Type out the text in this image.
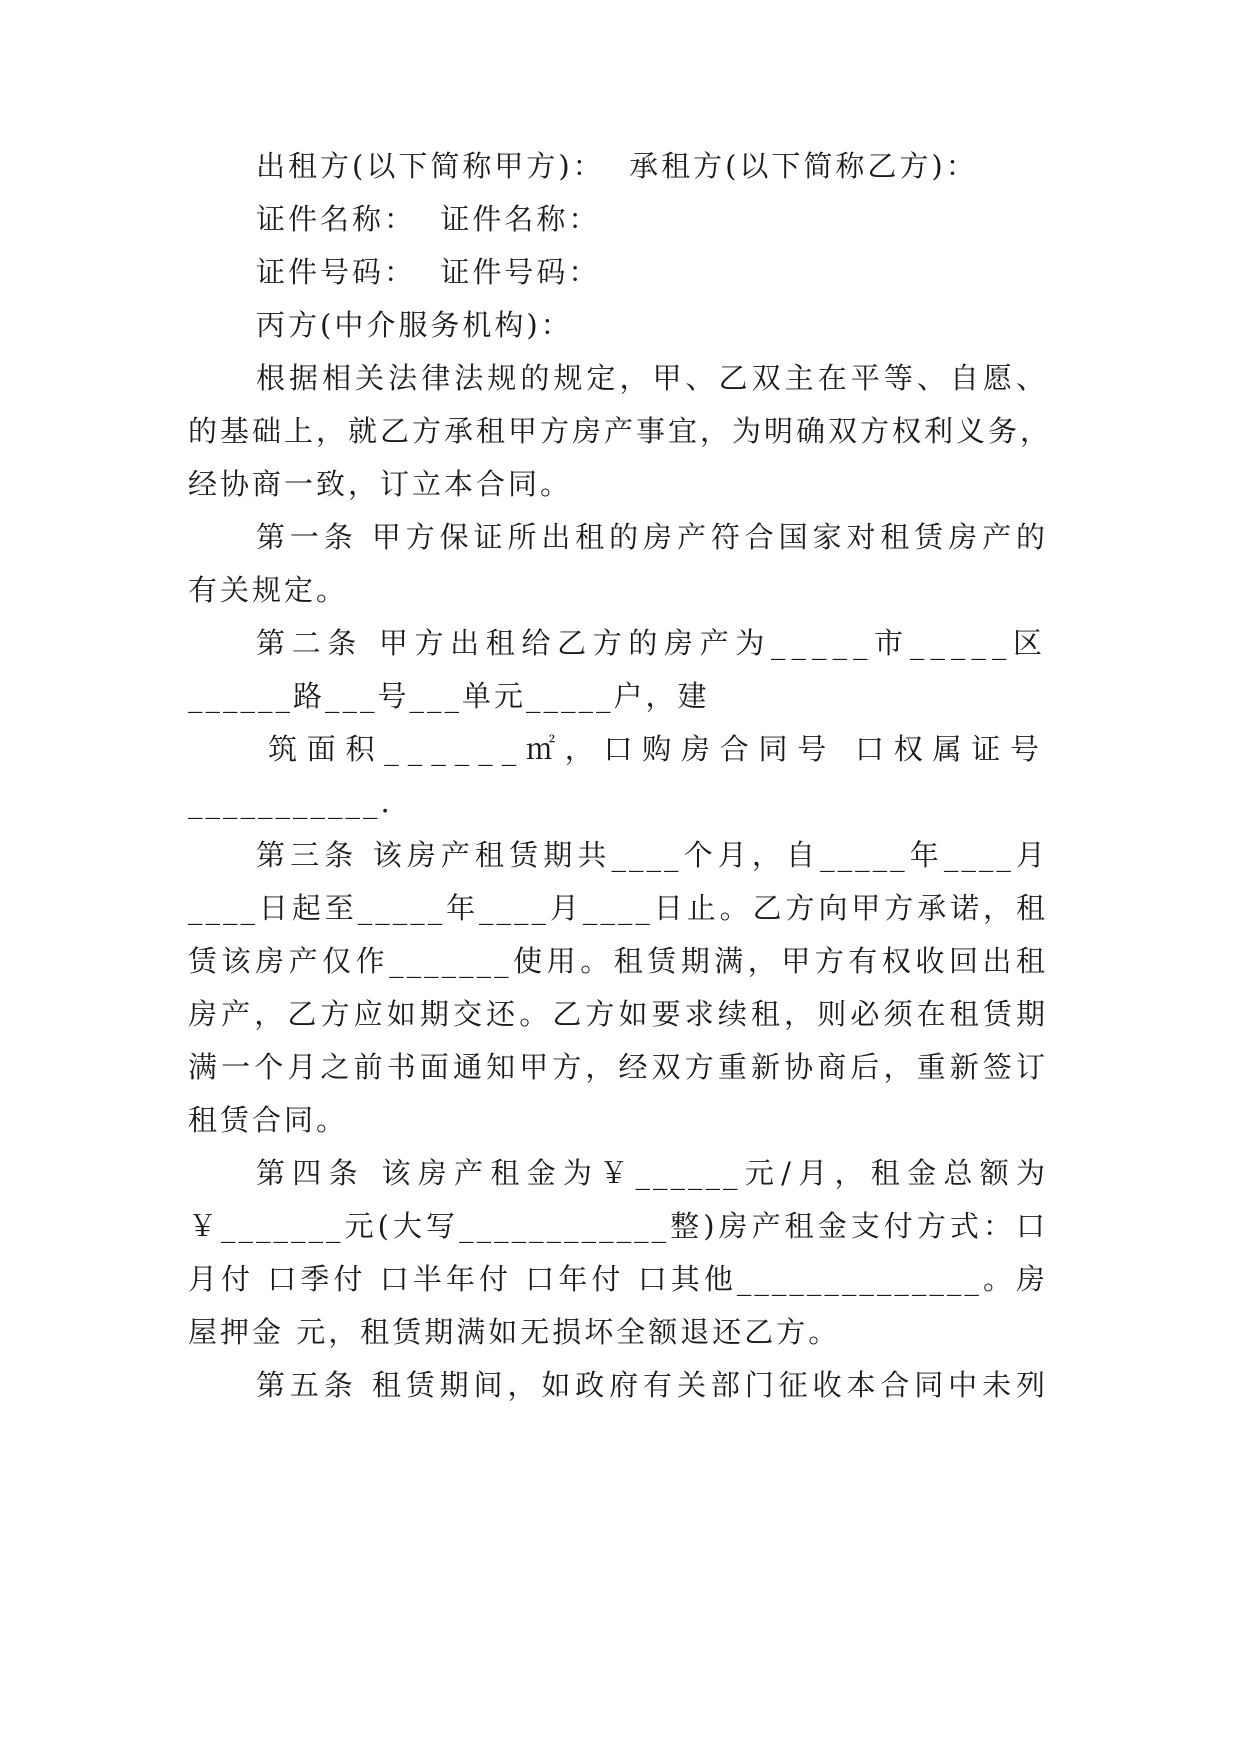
出租方(以下简称甲方)：  承租方(以下简称乙方)：
证件名称：  证件名称：
证件号码：  证件号码：
丙方(中介服务机构)：
根据相关法律法规的规定，甲、乙双主在平等、自愿、
的基础上，就乙方承租甲方房产事宜，为明确双方权利义务，
经协商一致，订立本合同。
第一条 甲方保证所出租的房产符合国家对租赁房产的
有关规定。
第二条 甲方出租给乙方的房产为_____市_____区
______路___号___单元_____户，建
筑面积______㎡，口购房合同号 口权属证号
___________.
第三条 该房产租赁期共____个月，自_____年____月
____日起至_____年____月____日止。乙方向甲方承诺，租
赁该房产仅作_______使用。租赁期满，甲方有权收回出租
房产，乙方应如期交还。乙方如要求续租，则必须在租赁期
满一个月之前书面通知甲方，经双方重新协商后，重新签订
租赁合同。
第四条 该房产租金为￥______元/月，租金总额为
￥_______元(大写____________整)房产租金支付方式：口
月付 口季付 口半年付 口年付 口其他______________。房
屋押金 元，租赁期满如无损坏全额退还乙方。
第五条 租赁期间，如政府有关部门征收本合同中未列
